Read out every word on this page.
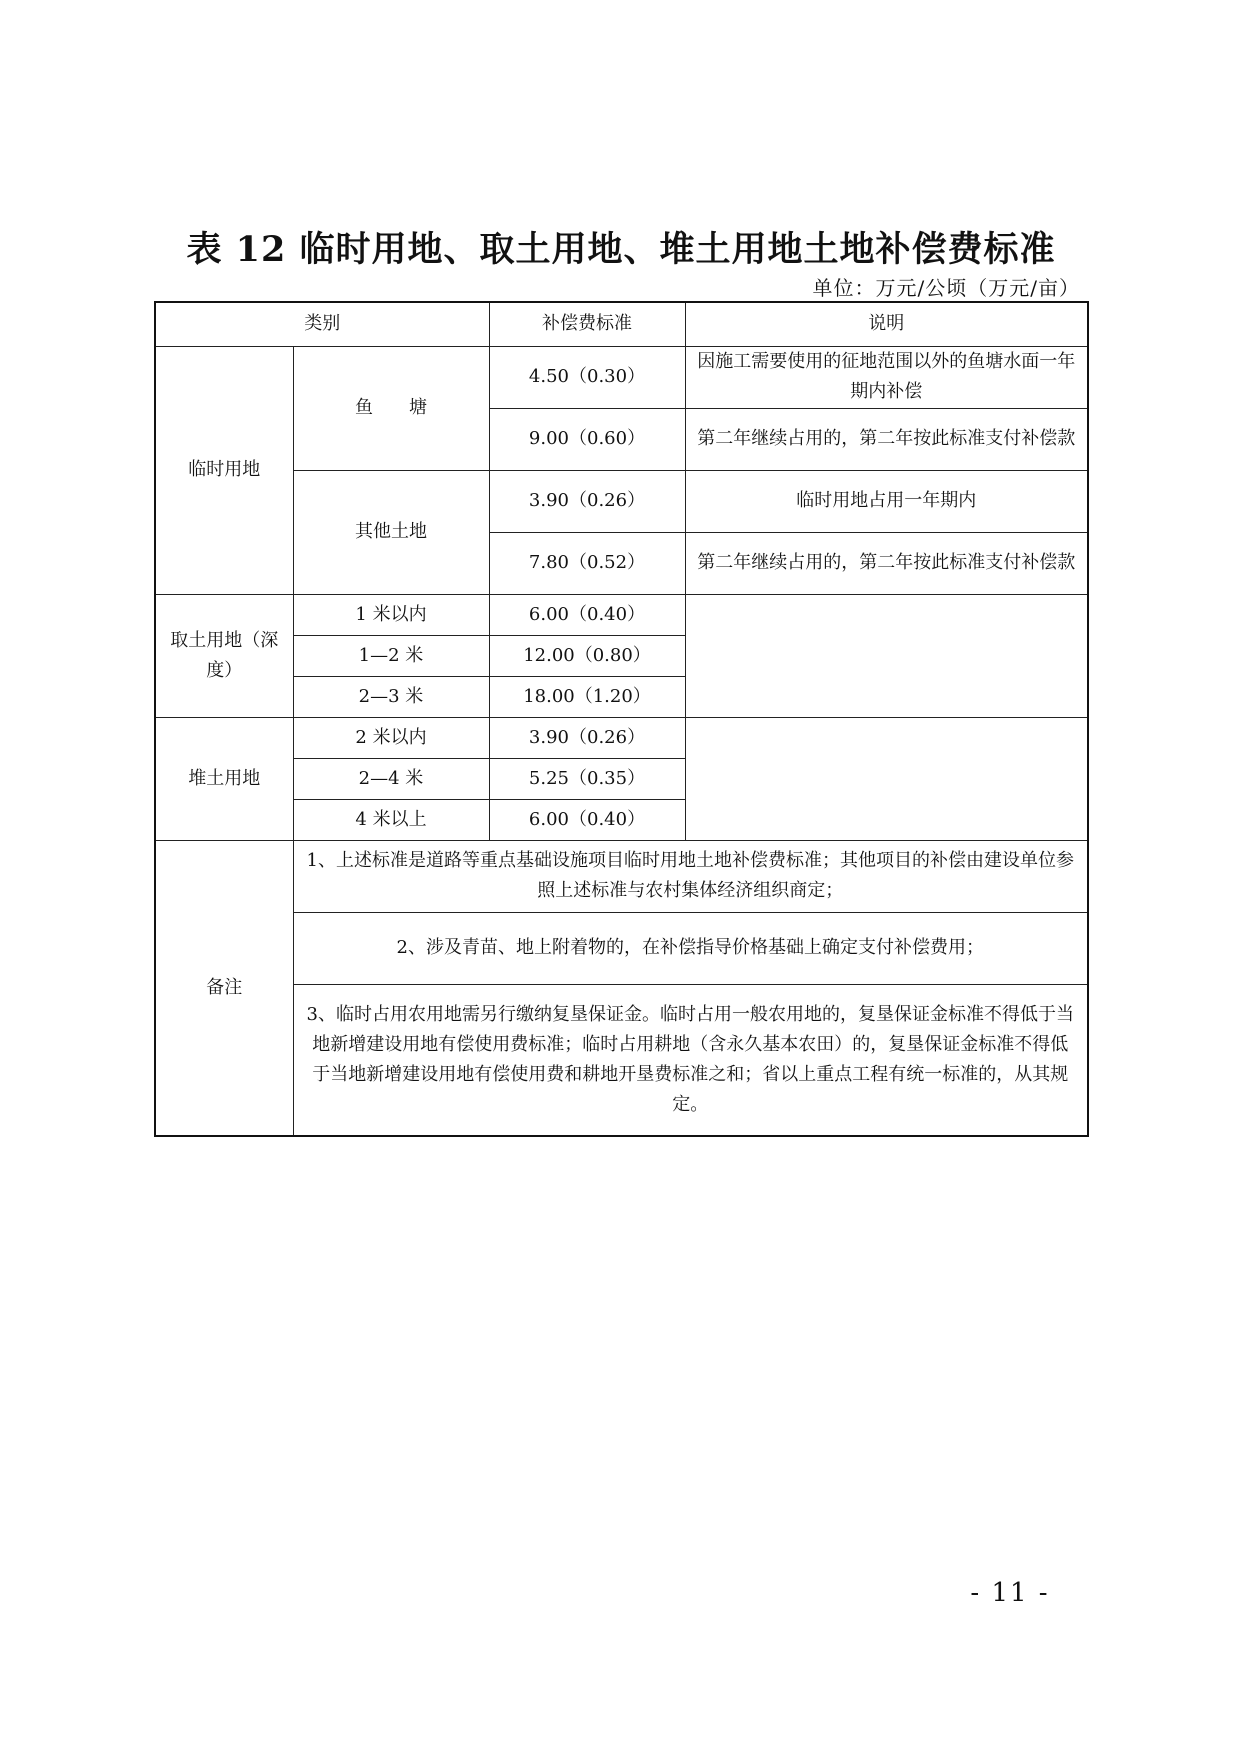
表 12 临时用地、取土用地、堆土用地土地补偿费标准
单位：万元/公顷（万元/亩）
类别		补偿费标准	说明
临时用地	鱼　　塘	4.50（0.30）	因施工需要使用的征地范围以外的鱼塘水面一年期内补偿
		9.00（0.60）	第二年继续占用的，第二年按此标准支付补偿款
	其他土地	3.90（0.26）	临时用地占用一年期内
		7.80（0.52）	第二年继续占用的，第二年按此标准支付补偿款
取土用地（深度）	1 米以内	6.00（0.40）	
	1—2 米	12.00（0.80）	
	2—3 米	18.00（1.20）	
堆土用地	2 米以内	3.90（0.26）	
	2—4 米	5.25（0.35）	
	4 米以上	6.00（0.40）	
备注	1、上述标准是道路等重点基础设施项目临时用地土地补偿费标准；其他项目的补偿由建设单位参照上述标准与农村集体经济组织商定；		
	2、涉及青苗、地上附着物的，在补偿指导价格基础上确定支付补偿费用；		
	3、临时占用农用地需另行缴纳复垦保证金。临时占用一般农用地的，复垦保证金标准不得低于当地新增建设用地有偿使用费标准；临时占用耕地（含永久基本农田）的，复垦保证金标准不得低于当地新增建设用地有偿使用费和耕地开垦费标准之和；省以上重点工程有统一标准的，从其规定。		
- 11 -
